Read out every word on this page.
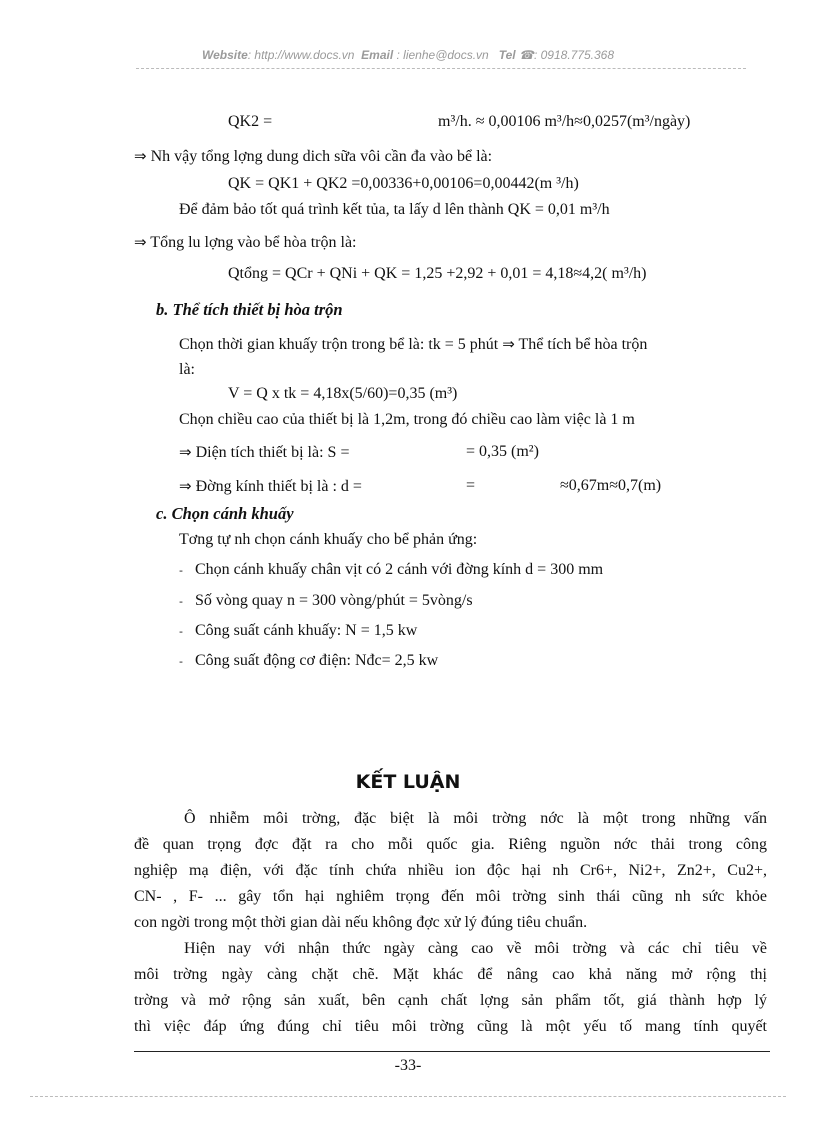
Website: http://www.docs.vn Email : lienhe@docs.vn Tel ☎: 0918.775.368
QK2 =	m³/h. ≈ 0,00106 m³/h≈0,0257(m³/ngày)
⇒ Nh vậy tổng lợng dung dich sữa vôi cần đa vào bể là:
QK = QK1 + QK2 =0,00336+0,00106=0,00442(m ³/h)
Để đảm bảo tốt quá trình kết tủa, ta lấy d lên thành QK = 0,01 m³/h
⇒ Tổng lu lợng vào bể hòa trộn là:
Qtổng = QCr + QNi + QK = 1,25 +2,92 + 0,01 = 4,18≈4,2( m³/h)
b. Thể tích thiết bị hòa trộn
Chọn thời gian khuấy trộn trong bể là: tk = 5 phút ⇒ Thể tích bể hòa trộn
là:
V = Q x tk = 4,18x(5/60)=0,35 (m³)
Chọn chiều cao của thiết bị là 1,2m, trong đó chiều cao làm việc là 1 m
⇒ Diện tích thiết bị là: S =	= 0,35 (m²)
⇒ Đờng kính thiết bị là : d =	=	≈0,67m≈0,7(m)
c. Chọn cánh khuấy
Tơng tự nh chọn cánh khuấy cho bể phản ứng:
- Chọn cánh khuấy chân vịt có 2 cánh với đờng kính d = 300 mm
- Số vòng quay n = 300 vòng/phút = 5vòng/s
- Công suất cánh khuấy: N = 1,5 kw
- Công suất động cơ điện: Nđc= 2,5 kw
KẾT LUẬN
Ô nhiễm môi trờng, đặc biệt là môi trờng nớc là một trong những vấn
đề quan trọng đợc đặt ra cho mỗi quốc gia. Riêng nguồn nớc thải trong công
nghiệp mạ điện, với đặc tính chứa nhiều ion độc hại nh Cr6+, Ni2+, Zn2+, Cu2+,
CN- , F- ... gây tổn hại nghiêm trọng đến môi trờng sinh thái cũng nh sức khỏe
con ngời trong một thời gian dài nếu không đợc xử lý đúng tiêu chuẩn.
Hiện nay với nhận thức ngày càng cao về môi trờng và các chỉ tiêu về
môi trờng ngày càng chặt chẽ. Mặt khác để nâng cao khả năng mở rộng thị
trờng và mở rộng sản xuất, bên cạnh chất lợng sản phẩm tốt, giá thành hợp lý
thì việc đáp ứng đúng chỉ tiêu môi trờng cũng là một yếu tố mang tính quyết
-33-
